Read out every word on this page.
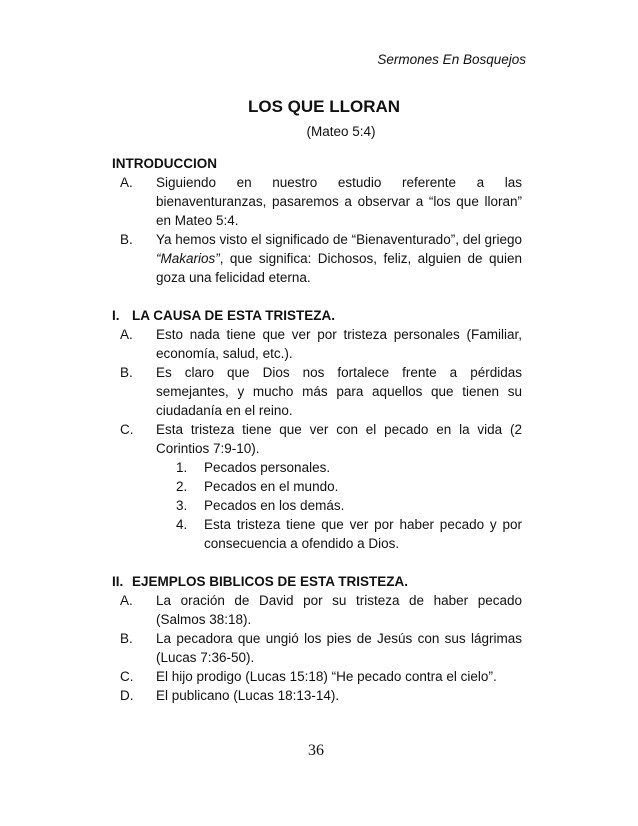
Sermones En Bosquejos
LOS QUE LLORAN
(Mateo 5:4)
INTRODUCCION
A.	Siguiendo en nuestro estudio referente a las bienaventuranzas, pasaremos a observar a “los que lloran” en Mateo 5:4.
B.	Ya hemos visto el significado de “Bienaventurado”, del griego “Makarios”, que significa: Dichosos, feliz, alguien de quien goza una felicidad eterna.
I. LA CAUSA DE ESTA TRISTEZA.
A.	Esto nada tiene que ver por tristeza personales (Familiar, economía, salud, etc.).
B.	Es claro que Dios nos fortalece frente a pérdidas semejantes, y mucho más para aquellos que tienen su ciudadanía en el reino.
C.	Esta tristeza tiene que ver con el pecado en la vida (2 Corintios 7:9-10).
1.	Pecados personales.
2.	Pecados en el mundo.
3.	Pecados en los demás.
4.	Esta tristeza tiene que ver por haber pecado y por consecuencia a ofendido a Dios.
II. EJEMPLOS BIBLICOS DE ESTA TRISTEZA.
A.	La oración de David por su tristeza de haber pecado (Salmos 38:18).
B.	La pecadora que ungió los pies de Jesús con sus lágrimas (Lucas 7:36-50).
C.	El hijo prodigo (Lucas 15:18) “He pecado contra el cielo”.
D.	El publicano (Lucas 18:13-14).
36
